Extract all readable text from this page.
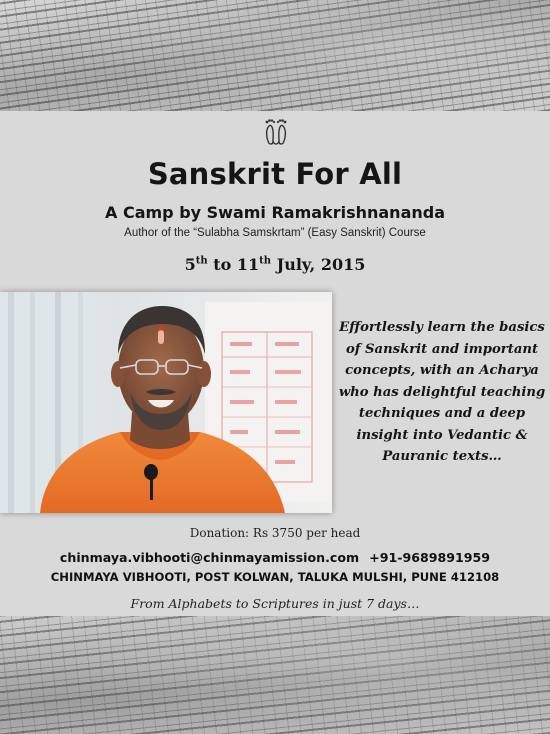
Sanskrit For All
A Camp by Swami Ramakrishnananda
Author of the “Sulabha Samskrtam” (Easy Sanskrit) Course
5th to 11th July, 2015
Effortlessly learn the basics of Sanskrit and important concepts, with an Acharya who has delightful teaching techniques and a deep insight into Vedantic & Pauranic texts…
Donation: Rs 3750 per head
chinmaya.vibhooti@chinmayamission.com +91-9689891959
CHINMAYA VIBHOOTI, POST KOLWAN, TALUKA MULSHI, PUNE 412108
From Alphabets to Scriptures in just 7 days…
